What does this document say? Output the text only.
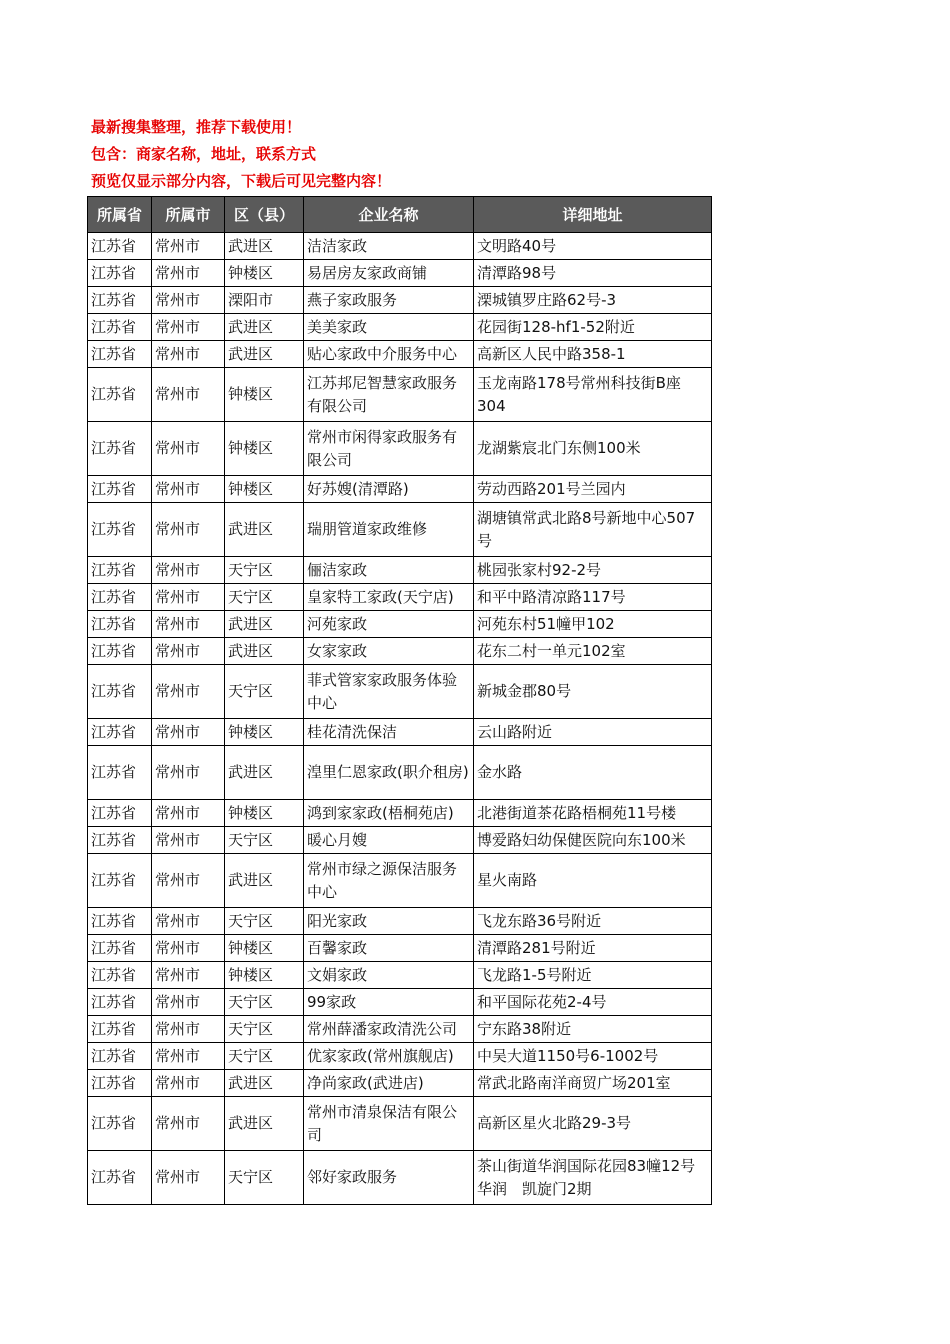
最新搜集整理，推荐下载使用！
包含：商家名称，地址，联系方式
预览仅显示部分内容，下载后可见完整内容！
所属省	所属市	区（县）	企业名称	详细地址
江苏省	常州市	武进区	洁洁家政	文明路40号
江苏省	常州市	钟楼区	易居房友家政商铺	清潭路98号
江苏省	常州市	溧阳市	燕子家政服务	溧城镇罗庄路62号-3
江苏省	常州市	武进区	美美家政	花园街128-hf1-52附近
江苏省	常州市	武进区	贴心家政中介服务中心	高新区人民中路358-1
江苏省	常州市	钟楼区	江苏邦尼智慧家政服务有限公司	玉龙南路178号常州科技街B座304
江苏省	常州市	钟楼区	常州市闲得家政服务有限公司	龙湖紫宸北门东侧100米
江苏省	常州市	钟楼区	好苏嫂(清潭路)	劳动西路201号兰园内
江苏省	常州市	武进区	瑞朋管道家政维修	湖塘镇常武北路8号新地中心507号
江苏省	常州市	天宁区	俪洁家政	桃园张家村92-2号
江苏省	常州市	天宁区	皇家特工家政(天宁店)	和平中路清凉路117号
江苏省	常州市	武进区	河苑家政	河苑东村51幢甲102
江苏省	常州市	武进区	女家家政	花东二村一单元102室
江苏省	常州市	天宁区	菲式管家家政服务体验中心	新城金郡80号
江苏省	常州市	钟楼区	桂花清洗保洁	云山路附近
江苏省	常州市	武进区	湟里仁恩家政(职介租房)	金水路
江苏省	常州市	钟楼区	鸿到家家政(梧桐苑店)	北港街道茶花路梧桐苑11号楼
江苏省	常州市	天宁区	暖心月嫂	博爱路妇幼保健医院向东100米
江苏省	常州市	武进区	常州市绿之源保洁服务中心	星火南路
江苏省	常州市	天宁区	阳光家政	飞龙东路36号附近
江苏省	常州市	钟楼区	百馨家政	清潭路281号附近
江苏省	常州市	钟楼区	文娟家政	飞龙路1-5号附近
江苏省	常州市	天宁区	99家政	和平国际花苑2-4号
江苏省	常州市	天宁区	常州薛潘家政清洗公司	宁东路38附近
江苏省	常州市	天宁区	优家家政(常州旗舰店)	中吴大道1150号6-1002号
江苏省	常州市	武进区	净尚家政(武进店)	常武北路南洋商贸广场201室
江苏省	常州市	武进区	常州市清泉保洁有限公司	高新区星火北路29-3号
江苏省	常州市	天宁区	邻好家政服务	茶山街道华润国际花园83幢12号华润　凯旋门2期
